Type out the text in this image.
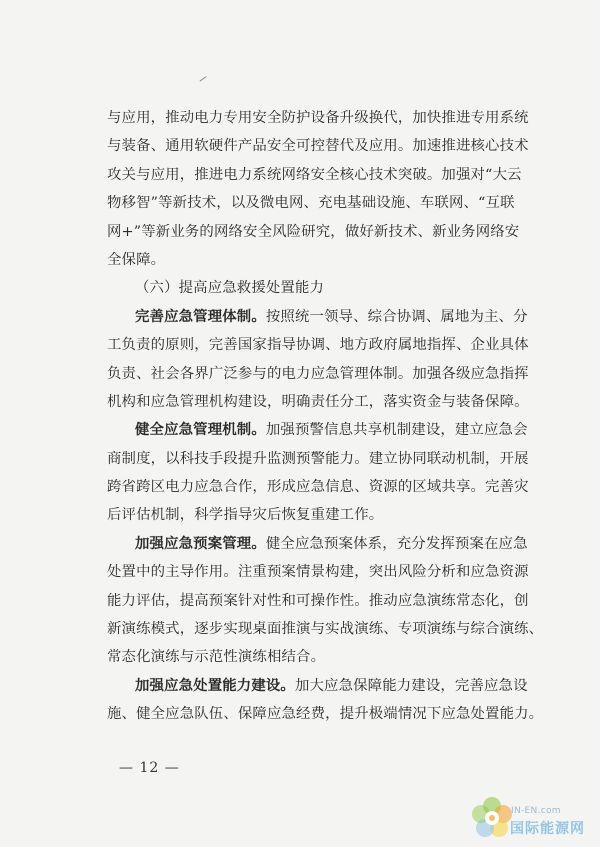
与应用，推动电力专用安全防护设备升级换代，加快推进专用系统
与装备、通用软硬件产品安全可控替代及应用。加速推进核心技术
攻关与应用，推进电力系统网络安全核心技术突破。加强对“大云
物移智”等新技术，以及微电网、充电基础设施、车联网、“互联
网+”等新业务的网络安全风险研究，做好新技术、新业务网络安
全保障。
（六）提高应急救援处置能力
完善应急管理体制。按照统一领导、综合协调、属地为主、分
工负责的原则，完善国家指导协调、地方政府属地指挥、企业具体
负责、社会各界广泛参与的电力应急管理体制。加强各级应急指挥
机构和应急管理机构建设，明确责任分工，落实资金与装备保障。
健全应急管理机制。加强预警信息共享机制建设，建立应急会
商制度，以科技手段提升监测预警能力。建立协同联动机制，开展
跨省跨区电力应急合作，形成应急信息、资源的区域共享。完善灾
后评估机制，科学指导灾后恢复重建工作。
加强应急预案管理。健全应急预案体系，充分发挥预案在应急
处置中的主导作用。注重预案情景构建，突出风险分析和应急资源
能力评估，提高预案针对性和可操作性。推动应急演练常态化，创
新演练模式，逐步实现桌面推演与实战演练、专项演练与综合演练、
常态化演练与示范性演练相结合。
加强应急处置能力建设。加大应急保障能力建设，完善应急设
施、健全应急队伍、保障应急经费，提升极端情况下应急处置能力。
— 12 —
IN-EN.com
国际能源网
